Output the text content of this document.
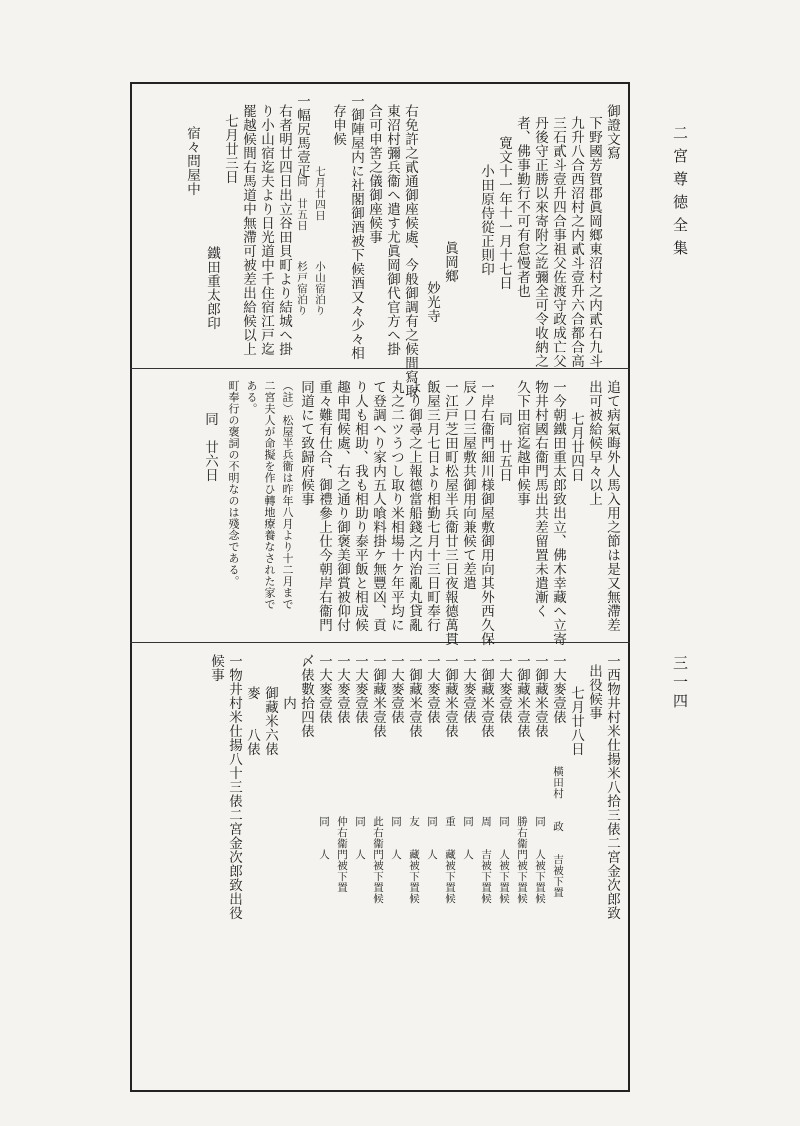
二宮尊徳全集
三一四
御證文寫
下野國芳賀郡眞岡鄉東沼村之内貳石九斗
九升八合西沼村之内貳斗壹升六合都合高
三石貳斗壹升四合事祖父佐渡守政成亡父
丹後守正勝以來寄附之訖彌全可令收納之
者、佛事勤行不可有怠慢者也
寛文十一年十一月十七日
小田原侍從正則印
眞岡鄉
妙光寺
右免許之貳通御座候處、今般御調有之候間寫取
東沼村彌兵衞へ遣す尤眞岡御代官方へ掛
合可申筈之儀御座候事
一御陣屋内に社閣御酒被下候酒又々少々相
存申候
七月廿四日
小山宿泊り
同　廿五日
杉戸宿泊り
一幅尻馬壹疋
右者明廿四日出立谷田貝町より結城へ掛
り小山宿迄夫より日光道中千住宿江戸迄
罷越候間右馬道中無滯可被差出給候以上
七月廿三日
鐵田重太郎印
宿々問屋中
追て病氣晦外人馬入用之節は是又無滯差
出可被給候早々以上
七月廿四日
一今朝鐵田重太郎致出立、佛木幸藏へ立寄
物井村國右衞門馬出共差留置未遣漸く
久下田宿迄越申候事
同　廿五日
一岸右衞門細川様御屋敷御用向其外西久保
辰ノ口三屋敷共御用向兼候て差遣
一江戸芝田町松屋半兵衞廿三日夜報德萬貫
飯屋三月七日より相勤七月十三日町奉行
より御尋之上報德當船錢之内治亂丸貸亂
丸之二ツうつし取り米相場十ケ年平均に
て登調へり家内五人喰料掛ケ無豐凶、貢
り人も相助、我も相助り泰平飯と相成候
趣申聞候處、右之通り御褒美御賞被仰付
重々難有仕合、御禮參上仕今朝岸右衞門
同道にて致歸府候事
（註）松屋半兵衞は昨年八月より十二月まで
二宮夫人が命擬を作ひ轉地療養なされた家で
ある。
町奉行の褒詞の不明なのは殘念である。
同　廿六日
一西物井村米仕揚米八拾三俵二宮金次郎致
出役候事
七月廿八日
橫田村　　政　　吉被下置
一大麥壹俵
一御藏米壹俵
同　　人被下置候
一御藏米壹俵
勝右衞門被下置候
一大麥壹俵
同　　人被下置候
一御藏米壹俵
周　　吉被下置候
一大麥壹俵
同　　人
一御藏米壹俵
重　　藏被下置候
一大麥壹俵
同　　人
一御藏米壹俵
友　　藏被下置候
一大麥壹俵
同　　人
一御藏米壹俵
此右衞門被下置候
一大麥壹俵
同　　人
一大麥壹俵
仲右衞門被下置
一大麥壹俵
同　　人
〆俵數拾四俵
内
御藏米六俵
麥　　八俵
一物井村米仕揚八十三俵二宮金次郎致出役
候事
